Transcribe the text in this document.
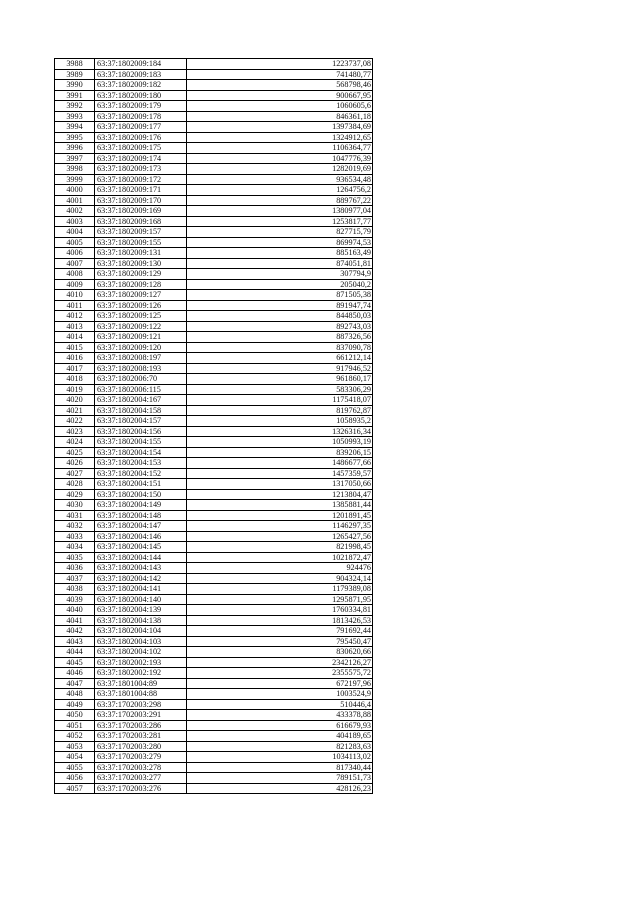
3988	63:37:1802009:184	1223737,08
3989	63:37:1802009:183	741480,77
3990	63:37:1802009:182	568798,46
3991	63:37:1802009:180	900667,95
3992	63:37:1802009:179	1060605,6
3993	63:37:1802009:178	846361,18
3994	63:37:1802009:177	1397384,69
3995	63:37:1802009:176	1324912,65
3996	63:37:1802009:175	1106364,77
3997	63:37:1802009:174	1047776,39
3998	63:37:1802009:173	1282019,69
3999	63:37:1802009:172	936534,48
4000	63:37:1802009:171	1264756,2
4001	63:37:1802009:170	889767,22
4002	63:37:1802009:169	1380977,04
4003	63:37:1802009:168	1253817,77
4004	63:37:1802009:157	827715,79
4005	63:37:1802009:155	869974,53
4006	63:37:1802009:131	885163,49
4007	63:37:1802009:130	874051,81
4008	63:37:1802009:129	307794,9
4009	63:37:1802009:128	205040,2
4010	63:37:1802009:127	871505,38
4011	63:37:1802009:126	891947,74
4012	63:37:1802009:125	844850,03
4013	63:37:1802009:122	892743,03
4014	63:37:1802009:121	887326,56
4015	63:37:1802009:120	837090,78
4016	63:37:1802008:197	661212,14
4017	63:37:1802008:193	917946,52
4018	63:37:1802006:70	961860,17
4019	63:37:1802006:115	583306,29
4020	63:37:1802004:167	1175418,07
4021	63:37:1802004:158	819762,87
4022	63:37:1802004:157	1058935,2
4023	63:37:1802004:156	1326316,34
4024	63:37:1802004:155	1050993,19
4025	63:37:1802004:154	839206,15
4026	63:37:1802004:153	1486677,66
4027	63:37:1802004:152	1457359,57
4028	63:37:1802004:151	1317050,66
4029	63:37:1802004:150	1213804,47
4030	63:37:1802004:149	1385881,44
4031	63:37:1802004:148	1201891,45
4032	63:37:1802004:147	1146297,35
4033	63:37:1802004:146	1265427,56
4034	63:37:1802004:145	821998,45
4035	63:37:1802004:144	1021872,47
4036	63:37:1802004:143	924476
4037	63:37:1802004:142	904324,14
4038	63:37:1802004:141	1179389,08
4039	63:37:1802004:140	1295871,95
4040	63:37:1802004:139	1760334,81
4041	63:37:1802004:138	1813426,53
4042	63:37:1802004:104	791692,44
4043	63:37:1802004:103	795450,47
4044	63:37:1802004:102	830620,66
4045	63:37:1802002:193	2342126,27
4046	63:37:1802002:192	2355575,72
4047	63:37:1801004:89	672197,96
4048	63:37:1801004:88	1003524,9
4049	63:37:1702003:298	510446,4
4050	63:37:1702003:291	433378,88
4051	63:37:1702003:286	616679,93
4052	63:37:1702003:281	404189,65
4053	63:37:1702003:280	821283,63
4054	63:37:1702003:279	1034113,02
4055	63:37:1702003:278	817340,44
4056	63:37:1702003:277	789151,73
4057	63:37:1702003:276	428126,23
